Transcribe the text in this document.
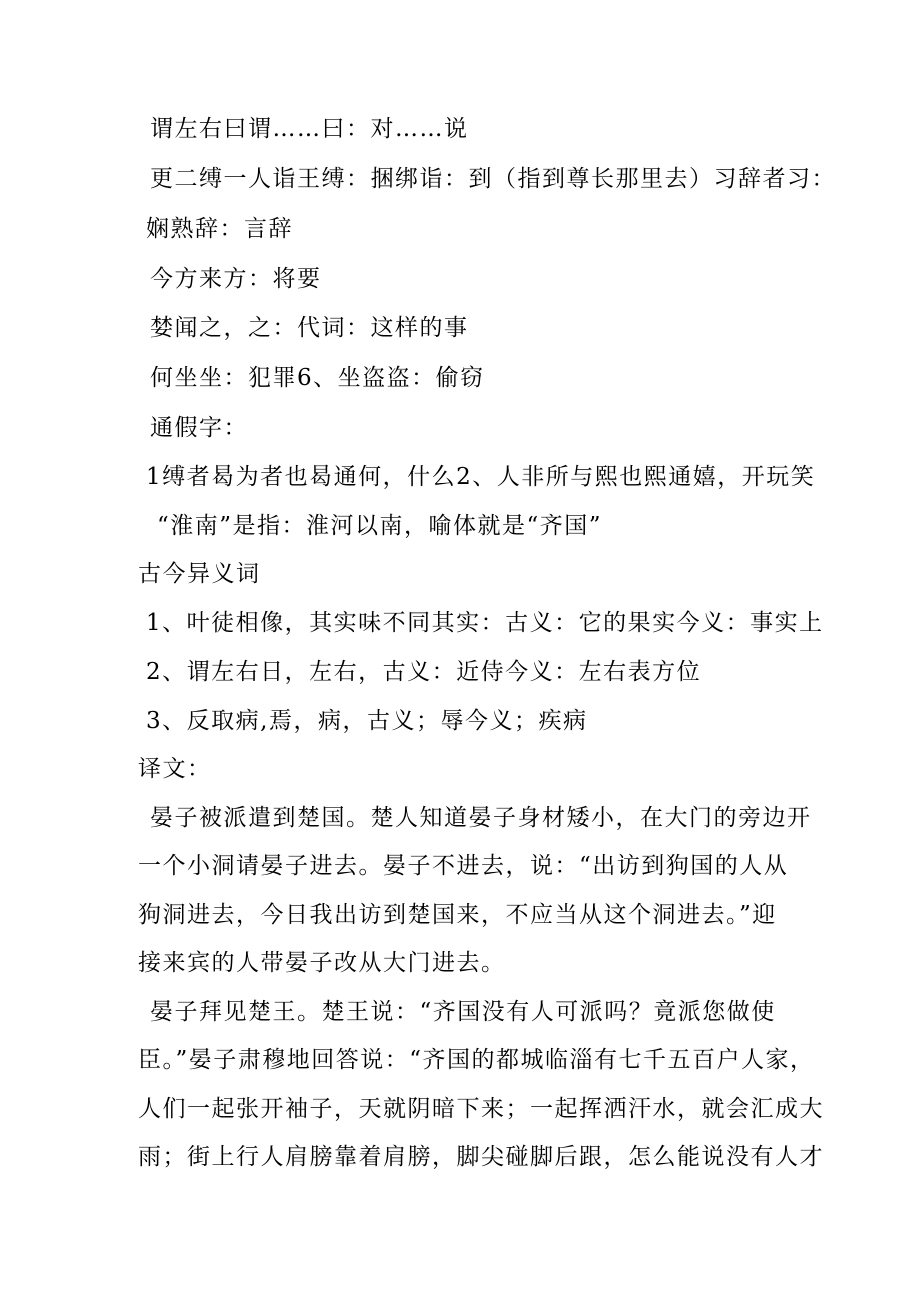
谓左右曰谓……曰：对……说
更二缚一人诣王缚：捆绑诣：到（指到尊长那里去）习辞者习：
娴熟辞：言辞
今方来方：将要
婪闻之，之：代词：这样的事
何坐坐：犯罪6、坐盗盗：偷窃
通假字：
1缚者曷为者也曷通何，什么2、人非所与熙也熙通嬉，开玩笑
“淮南”是指：淮河以南，喻体就是“齐国”
古今异义词
1、叶徒相像，其实味不同其实：古义：它的果实今义：事实上
2、谓左右日，左右，古义：近侍今义：左右表方位
3、反取病,焉，病，古义；辱今义；疾病
译文：
晏子被派遣到楚国。楚人知道晏子身材矮小，在大门的旁边开
一个小洞请晏子进去。晏子不进去，说：“出访到狗国的人从
狗洞进去，今日我出访到楚国来，不应当从这个洞进去。”迎
接来宾的人带晏子改从大门进去。
晏子拜见楚王。楚王说：“齐国没有人可派吗？竟派您做使
臣。”晏子肃穆地回答说：“齐国的都城临淄有七千五百户人家，
人们一起张开袖子，天就阴暗下来；一起挥洒汗水，就会汇成大
雨；街上行人肩膀靠着肩膀，脚尖碰脚后跟，怎么能说没有人才
